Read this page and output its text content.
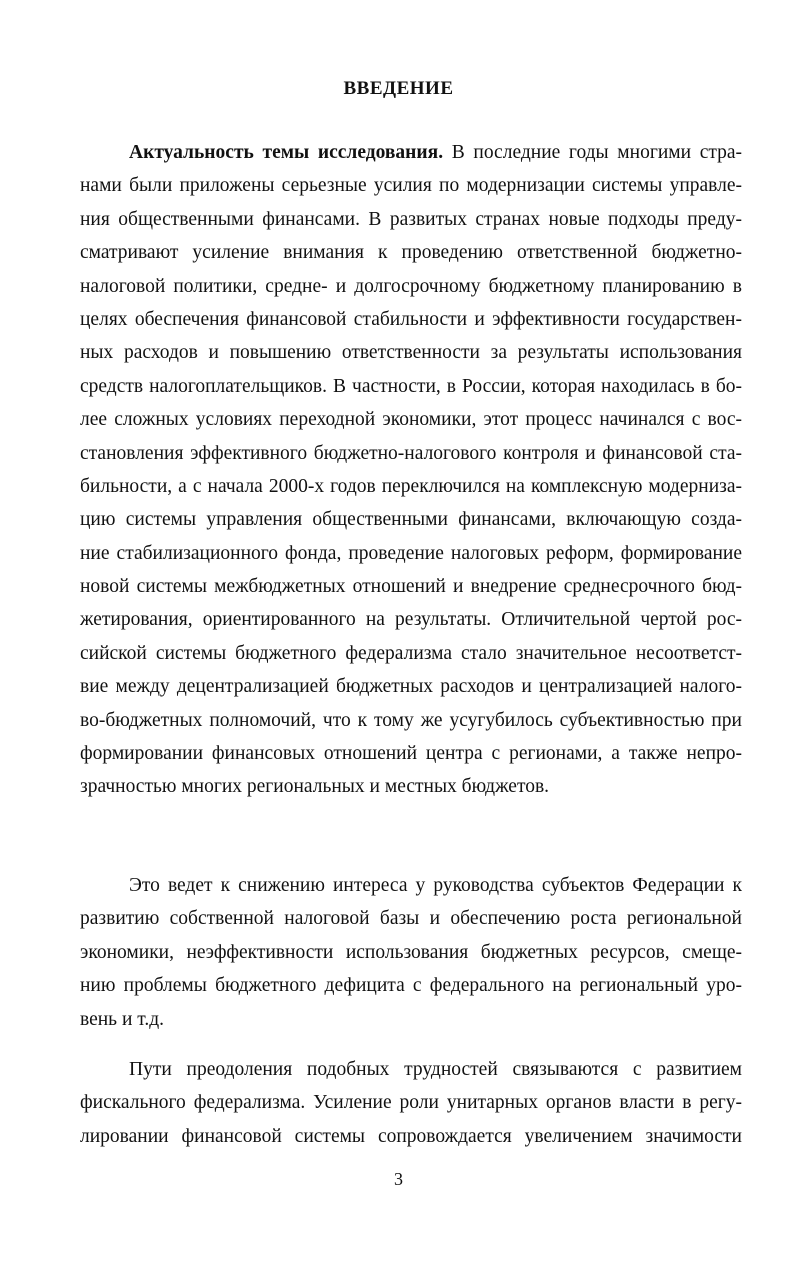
ВВЕДЕНИЕ
Актуальность темы исследования. В последние годы многими стра-
нами были приложены серьезные усилия по модернизации системы управле-
ния общественными финансами. В развитых странах новые подходы преду-
сматривают усиление внимания к проведению ответственной бюджетно-
налоговой политики, средне- и долгосрочному бюджетному планированию в
целях обеспечения финансовой стабильности и эффективности государствен-
ных расходов и повышению ответственности за результаты использования
средств налогоплательщиков. В частности, в России, которая находилась в бо-
лее сложных условиях переходной экономики, этот процесс начинался с вос-
становления эффективного бюджетно-налогового контроля и финансовой ста-
бильности, а с начала 2000-х годов переключился на комплексную модерниза-
цию системы управления общественными финансами, включающую созда-
ние стабилизационного фонда, проведение налоговых реформ, формирование
новой системы межбюджетных отношений и внедрение среднесрочного бюд-
жетирования, ориентированного на результаты. Отличительной чертой рос-
сийской системы бюджетного федерализма стало значительное несоответст-
вие между децентрализацией бюджетных расходов и централизацией налого-
во-бюджетных полномочий, что к тому же усугубилось субъективностью при
формировании финансовых отношений центра с регионами, а также непро-
зрачностью многих региональных и местных бюджетов.
Это ведет к снижению интереса у руководства субъектов Федерации к
развитию собственной налоговой базы и обеспечению роста региональной
экономики, неэффективности использования бюджетных ресурсов, смеще-
нию проблемы бюджетного дефицита с федерального на региональный уро-
вень и т.д.
Пути преодоления подобных трудностей связываются с развитием
фискального федерализма. Усиление роли унитарных органов власти в регу-
лировании финансовой системы сопровождается увеличением значимости
3
